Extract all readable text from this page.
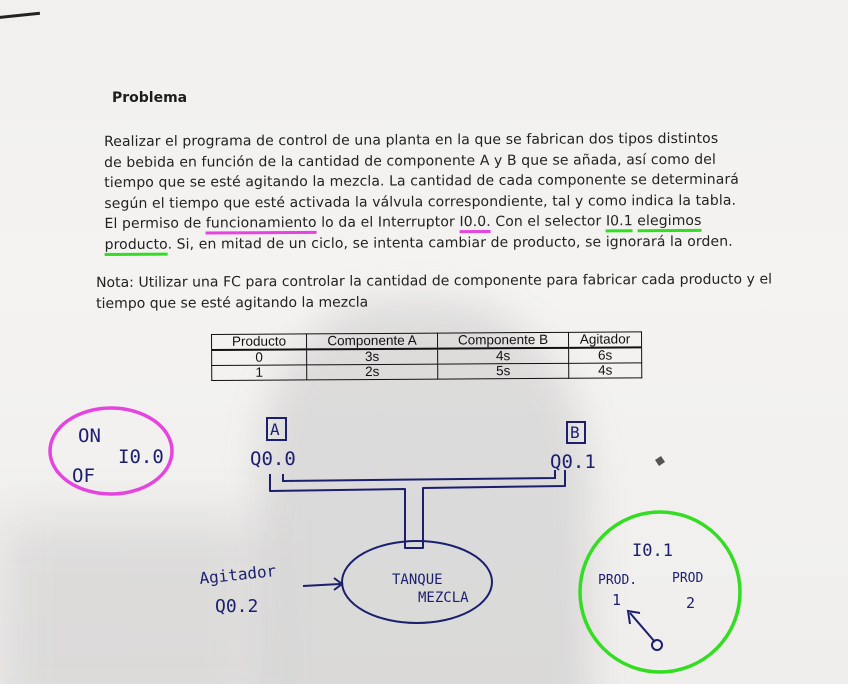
Problema
Realizar el programa de control de una planta en la que se fabrican dos tipos distintos
de bebida en función de la cantidad de componente A y B que se añada, así como del
tiempo que se esté agitando la mezcla. La cantidad de cada componente se determinará
según el tiempo que esté activada la válvula correspondiente, tal y como indica la tabla.
El permiso de funcionamiento lo da el Interruptor I0.0. Con el selector I0.1 elegimos
producto. Si, en mitad de un ciclo, se intenta cambiar de producto, se ignorará la orden.
Nota: Utilizar una FC para controlar la cantidad de componente para fabricar cada producto y el tiempo que se esté agitando la mezcla
Producto	Componente A	Componente B	Agitador
0	3s	4s	6s
1	2s	5s	4s
ON
OF
I0.0
A
Q0.0
B
Q0.1
TANQUE
MEZCLA
Agitador
Q0.2
I0.1
PROD.
1
PROD
2
